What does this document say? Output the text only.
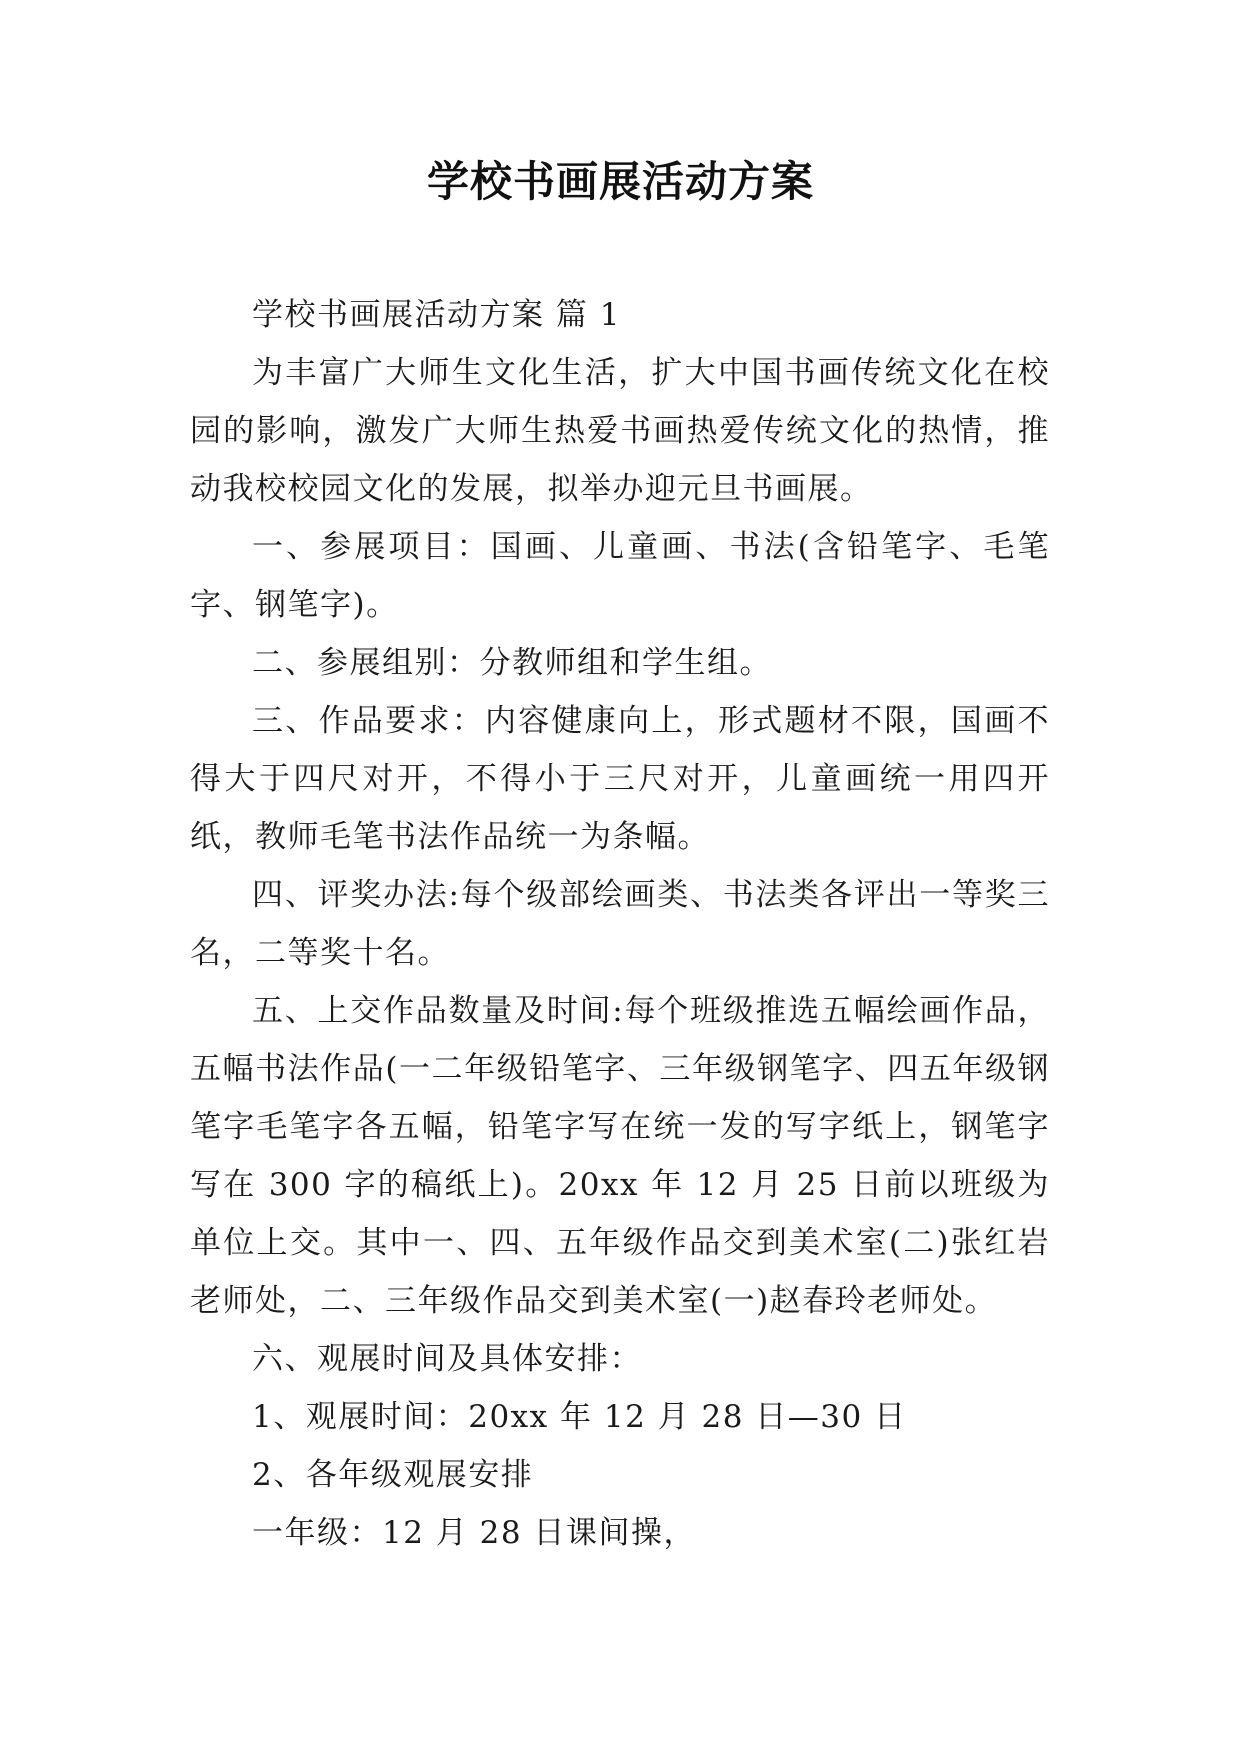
学校书画展活动方案

学校书画展活动方案 篇 1

为丰富广大师生文化生活，扩大中国书画传统文化在校园的影响，激发广大师生热爱书画热爱传统文化的热情，推动我校校园文化的发展，拟举办迎元旦书画展。

一、参展项目：国画、儿童画、书法(含铅笔字、毛笔字、钢笔字)。

二、参展组别：分教师组和学生组。

三、作品要求：内容健康向上，形式题材不限，国画不得大于四尺对开，不得小于三尺对开，儿童画统一用四开纸，教师毛笔书法作品统一为条幅。

四、评奖办法:每个级部绘画类、书法类各评出一等奖三名，二等奖十名。

五、上交作品数量及时间:每个班级推选五幅绘画作品，五幅书法作品(一二年级铅笔字、三年级钢笔字、四五年级钢笔字毛笔字各五幅，铅笔字写在统一发的写字纸上，钢笔字写在 300 字的稿纸上)。20xx 年 12 月 25 日前以班级为单位上交。其中一、四、五年级作品交到美术室(二)张红岩老师处，二、三年级作品交到美术室(一)赵春玲老师处。

六、观展时间及具体安排：

1、观展时间：20xx 年 12 月 28 日—30 日

2、各年级观展安排

一年级：12 月 28 日课间操，
